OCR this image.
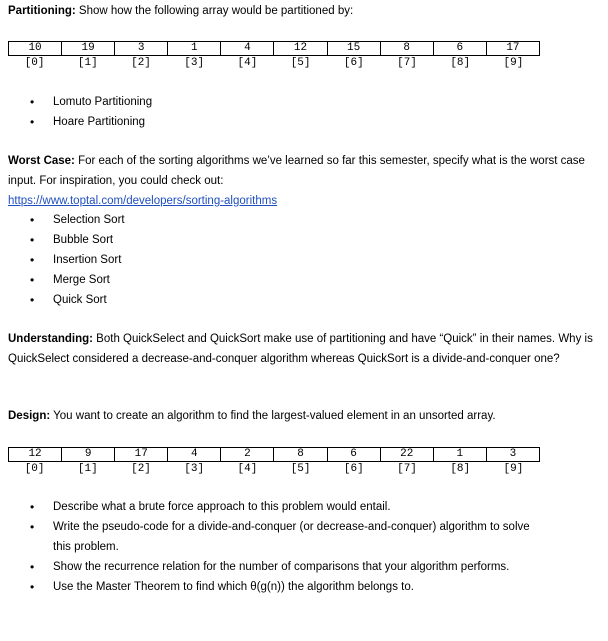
Partitioning: Show how the following array would be partitioned by:
10	19	3	1	4	12	15	8	6	17
[0]	[1]	[2]	[3]	[4]	[5]	[6]	[7]	[8]	[9]
• Lomuto Partitioning
• Hoare Partitioning
Worst Case: For each of the sorting algorithms we’ve learned so far this semester, specify what is the worst case input. For inspiration, you could check out:
https://www.toptal.com/developers/sorting-algorithms
• Selection Sort
• Bubble Sort
• Insertion Sort
• Merge Sort
• Quick Sort
Understanding: Both QuickSelect and QuickSort make use of partitioning and have “Quick” in their names. Why is QuickSelect considered a decrease-and-conquer algorithm whereas QuickSort is a divide-and-conquer one?
Design: You want to create an algorithm to find the largest-valued element in an unsorted array.
12	9	17	4	2	8	6	22	1	3
[0]	[1]	[2]	[3]	[4]	[5]	[6]	[7]	[8]	[9]
• Describe what a brute force approach to this problem would entail.
• Write the pseudo-code for a divide-and-conquer (or decrease-and-conquer) algorithm to solve this problem.
• Show the recurrence relation for the number of comparisons that your algorithm performs.
• Use the Master Theorem to find which θ(g(n)) the algorithm belongs to.
